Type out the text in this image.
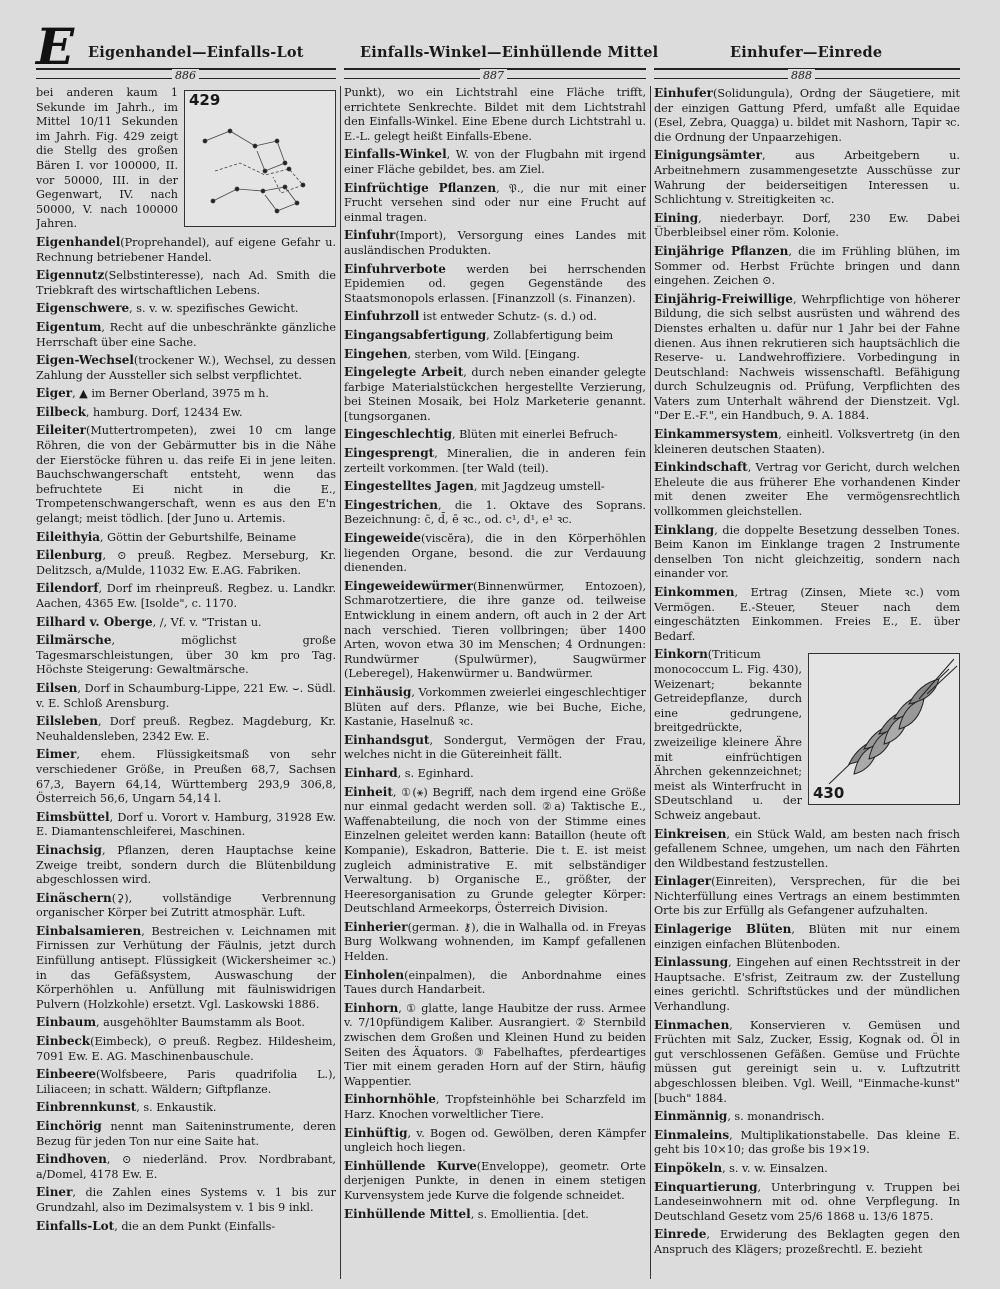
E Eigenhandel—Einfalls-Lot	Einfalls-Winkel—Einhüllende Mittel	Einhufer—Einrede
886	887	888
429

bei anderen kaum 1 Sekunde im Jahrh., im Mittel 10/11 Sekunden im Jahrh. Fig. 429 zeigt die Stellg des großen Bären I. vor 100000, II. vor 50000, III. in der Gegenwart, IV. nach 50000, V. nach 100000 Jahren.

Eigenhandel(Proprehandel), auf eigene Gefahr u. Rechnung betriebener Handel.

Eigennutz(Selbstinteresse), nach Ad. Smith die Triebkraft des wirtschaftlichen Lebens.

Eigenschwere, s. v. w. spezifisches Gewicht.

Eigentum, Recht auf die unbeschränkte gänzliche Herrschaft über eine Sache.

Eigen-Wechsel(trockener W.), Wechsel, zu dessen Zahlung der Aussteller sich selbst verpflichtet.

Eiger, ▲ im Berner Oberland, 3975 m h.

Eilbeck, hamburg. Dorf, 12434 Ew.

Eileiter(Muttertrompeten), zwei 10 cm lange Röhren, die von der Gebärmutter bis in die Nähe der Eierstöcke führen u. das reife Ei in jene leiten. Bauchschwangerschaft entsteht, wenn das befruchtete Ei nicht in die E., Trompetenschwangerschaft, wenn es aus den E'n gelangt; meist tödlich. [der Juno u. Artemis.

Eileithyia, Göttin der Geburtshilfe, Beiname

Eilenburg, ⊙ preuß. Regbez. Merseburg, Kr. Delitzsch, a/Mulde, 11032 Ew. E.AG. Fabriken.

Eilendorf, Dorf im rheinpreuß. Regbez. u. Landkr. Aachen, 4365 Ew. [Isolde", c. 1170.

Eilhard v. Oberge, /, Vf. v. "Tristan u.

Eilmärsche, möglichst große Tagesmarschleistungen, über 30 km pro Tag. Höchste Steigerung: Gewaltmärsche.

Eilsen, Dorf in Schaumburg-Lippe, 221 Ew. ⌣. Südl. v. E. Schloß Arensburg.

Eilsleben, Dorf preuß. Regbez. Magdeburg, Kr. Neuhaldensleben, 2342 Ew. E.

Eimer, ehem. Flüssigkeitsmaß von sehr verschiedener Größe, in Preußen 68,7, Sachsen 67,3, Bayern 64,14, Württemberg 293,9 306,8, Österreich 56,6, Ungarn 54,14 l.

Eimsbüttel, Dorf u. Vorort v. Hamburg, 31928 Ew. E. Diamantenschleiferei, Maschinen.

Einachsig, Pflanzen, deren Hauptachse keine Zweige treibt, sondern durch die Blütenbildung abgeschlossen wird.

Einäschern(⚳), vollständige Verbrennung organischer Körper bei Zutritt atmosphär. Luft.

Einbalsamieren, Bestreichen v. Leichnamen mit Firnissen zur Verhütung der Fäulnis, jetzt durch Einfüllung antisept. Flüssigkeit (Wickersheimer ꝛc.) in das Gefäßsystem, Auswaschung der Körperhöhlen u. Anfüllung mit fäulniswidrigen Pulvern (Holzkohle) ersetzt. Vgl. Laskowski 1886.

Einbaum, ausgehöhlter Baumstamm als Boot.

Einbeck(Eimbeck), ⊙ preuß. Regbez. Hildesheim, 7091 Ew. E. AG. Maschinenbauschule.

Einbeere(Wolfsbeere, Paris quadrifolia L.), Liliaceen; in schatt. Wäldern; Giftpflanze.

Einbrennkunst, s. Enkaustik.

Einchörig nennt man Saiteninstrumente, deren Bezug für jeden Ton nur eine Saite hat.

Eindhoven, ⊙ niederländ. Prov. Nordbrabant, a/Domel, 4178 Ew. E.

Einer, die Zahlen eines Systems v. 1 bis zur Grundzahl, also im Dezimalsystem v. 1 bis 9 inkl.

Einfalls-Lot, die an dem Punkt (Einfalls-

Punkt), wo ein Lichtstrahl eine Fläche trifft, errichtete Senkrechte. Bildet mit dem Lichtstrahl den Einfalls-Winkel. Eine Ebene durch Lichtstrahl u. E.-L. gelegt heißt Einfalls-Ebene.

Einfalls-Winkel, W. von der Flugbahn mit irgend einer Fläche gebildet, bes. am Ziel.

Einfrüchtige Pflanzen, 𝔓., die nur mit einer Frucht versehen sind oder nur eine Frucht auf einmal tragen.

Einfuhr(Import), Versorgung eines Landes mit ausländischen Produkten.

Einfuhrverbote werden bei herrschenden Epidemien od. gegen Gegenstände des Staatsmonopols erlassen. [Finanzzoll (s. Finanzen).

Einfuhrzoll ist entweder Schutz- (s. d.) od.

Eingangsabfertigung, Zollabfertigung beim

Eingehen, sterben, vom Wild. [Eingang.

Eingelegte Arbeit, durch neben einander gelegte farbige Materialstückchen hergestellte Verzierung, bei Steinen Mosaik, bei Holz Marketerie genannt. [tungsorganen.

Eingeschlechtig, Blüten mit einerlei Befruch-

Eingesprengt, Mineralien, die in anderen fein zerteilt vorkommen. [ter Wald (teil).

Eingestelltes Jagen, mit Jagdzeug umstell-

Eingestrichen, die 1. Oktave des Soprans. Bezeichnung: c̄, d̄, ē ꝛc., od. c¹, d¹, e¹ ꝛc.

Eingeweide(viscĕra), die in den Körperhöhlen liegenden Organe, besond. die zur Verdauung dienenden.

Eingeweidewürmer(Binnenwürmer, Entozoen), Schmarotzertiere, die ihre ganze od. teilweise Entwicklung in einem andern, oft auch in 2 der Art nach verschied. Tieren vollbringen; über 1400 Arten, wovon etwa 30 im Menschen; 4 Ordnungen: Rundwürmer (Spulwürmer), Saugwürmer (Leberegel), Hakenwürmer u. Bandwürmer.

Einhäusig, Vorkommen zweierlei eingeschlechtiger Blüten auf ders. Pflanze, wie bei Buche, Eiche, Kastanie, Haselnuß ꝛc.

Einhandsgut, Sondergut, Vermögen der Frau, welches nicht in die Gütereinheit fällt.

Einhard, s. Eginhard.

Einheit, ①(⚹) Begriff, nach dem irgend eine Größe nur einmal gedacht werden soll. ②a) Taktische E., Waffenabteilung, die noch von der Stimme eines Einzelnen geleitet werden kann: Bataillon (heute oft Kompanie), Eskadron, Batterie. Die t. E. ist meist zugleich administrative E. mit selbständiger Verwaltung. b) Organische E., größter, der Heeresorganisation zu Grunde gelegter Körper: Deutschland Armeekorps, Österreich Division.

Einherier(german. ⚷), die in Walhalla od. in Freyas Burg Wolkwang wohnenden, im Kampf gefallenen Helden.

Einholen(einpalmen), die Anbordnahme eines Taues durch Handarbeit.

Einhorn, ① glatte, lange Haubitze der russ. Armee v. 7/10pfündigem Kaliber. Ausrangiert. ② Sternbild zwischen dem Großen und Kleinen Hund zu beiden Seiten des Äquators. ③ Fabelhaftes, pferdeartiges Tier mit einem geraden Horn auf der Stirn, häufig Wappentier.

Einhornhöhle, Tropfsteinhöhle bei Scharzfeld im Harz. Knochen vorweltlicher Tiere.

Einhüftig, v. Bogen od. Gewölben, deren Kämpfer ungleich hoch liegen.

Einhüllende Kurve(Enveloppe), geometr. Orte derjenigen Punkte, in denen in einem stetigen Kurvensystem jede Kurve die folgende schneidet.

Einhüllende Mittel, s. Emollientia. [det.

Einhufer(Solidungula), Ordng der Säugetiere, mit der einzigen Gattung Pferd, umfaßt alle Equidae (Esel, Zebra, Quagga) u. bildet mit Nashorn, Tapir ꝛc. die Ordnung der Unpaarzehigen.

Einigungsämter, aus Arbeitgebern u. Arbeitnehmern zusammengesetzte Ausschüsse zur Wahrung der beiderseitigen Interessen u. Schlichtung v. Streitigkeiten ꝛc.

Eining, niederbayr. Dorf, 230 Ew. Dabei Überbleibsel einer röm. Kolonie.

Einjährige Pflanzen, die im Frühling blühen, im Sommer od. Herbst Früchte bringen und dann eingehen. Zeichen ⊙.

Einjährig-Freiwillige, Wehrpflichtige von höherer Bildung, die sich selbst ausrüsten und während des Dienstes erhalten u. dafür nur 1 Jahr bei der Fahne dienen. Aus ihnen rekrutieren sich hauptsächlich die Reserve- u. Landwehroffiziere. Vorbedingung in Deutschland: Nachweis wissenschaftl. Befähigung durch Schulzeugnis od. Prüfung, Verpflichten des Vaters zum Unterhalt während der Dienstzeit. Vgl. "Der E.-F.", ein Handbuch, 9. A. 1884.

Einkammersystem, einheitl. Volksvertretg (in den kleineren deutschen Staaten).

Einkindschaft, Vertrag vor Gericht, durch welchen Eheleute die aus früherer Ehe vorhandenen Kinder mit denen zweiter Ehe vermögensrechtlich vollkommen gleichstellen.

Einklang, die doppelte Besetzung desselben Tones. Beim Kanon im Einklange tragen 2 Instrumente denselben Ton nicht gleichzeitig, sondern nach einander vor.

Einkommen, Ertrag (Zinsen, Miete ꝛc.) vom Vermögen. E.-Steuer, Steuer nach dem eingeschätzten Einkommen. Freies E., E. über Bedarf.

Einkorn
430
(Triticum monococcum L. Fig. 430), Weizenart; bekannte Getreidepflanze, durch eine gedrungene, breitgedrückte, zweizeilige kleinere Ähre mit einfrüchtigen Ährchen gekennzeichnet; meist als Winterfrucht in SDeutschland u. der Schweiz angebaut.

Einkreisen, ein Stück Wald, am besten nach frisch gefallenem Schnee, umgehen, um nach den Fährten den Wildbestand festzustellen.

Einlager(Einreiten), Versprechen, für die bei Nichterfüllung eines Vertrags an einem bestimmten Orte bis zur Erfüllg als Gefangener aufzuhalten.

Einlagerige Blüten, Blüten mit nur einem einzigen einfachen Blütenboden.

Einlassung, Eingehen auf einen Rechtsstreit in der Hauptsache. E'sfrist, Zeitraum zw. der Zustellung eines gerichtl. Schriftstückes und der mündlichen Verhandlung.

Einmachen, Konservieren v. Gemüsen und Früchten mit Salz, Zucker, Essig, Kognak od. Öl in gut verschlossenen Gefäßen. Gemüse und Früchte müssen gut gereinigt sein u. v. Luftzutritt abgeschlossen bleiben. Vgl. Weill, "Einmache-kunst" [buch" 1884.

Einmännig, s. monandrisch.

Einmaleins, Multiplikationstabelle. Das kleine E. geht bis 10×10; das große bis 19×19.

Einpökeln, s. v. w. Einsalzen.

Einquartierung, Unterbringung v. Truppen bei Landeseinwohnern mit od. ohne Verpflegung. In Deutschland Gesetz vom 25/6 1868 u. 13/6 1875.

Einrede, Erwiderung des Beklagten gegen den Anspruch des Klägers; prozeßrechtl. E. bezieht
